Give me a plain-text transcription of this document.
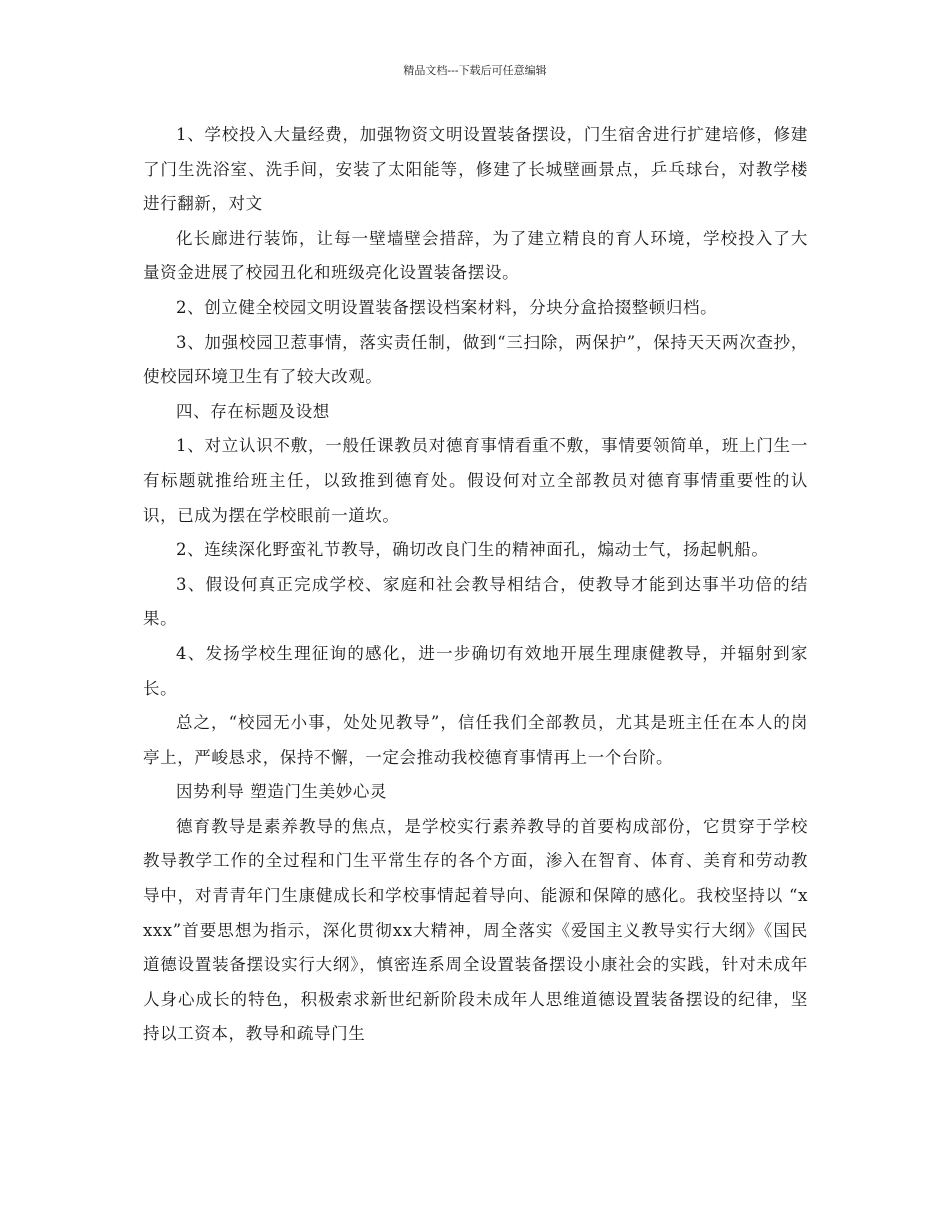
精品文档---下载后可任意编辑

1、学校投入大量经费，加强物资文明设置装备摆设，门生宿舍进行扩建培修，修建了门生洗浴室、洗手间，安装了太阳能等，修建了长城壁画景点，乒乓球台，对教学楼进行翻新，对文

化长廊进行装饰，让每一壁墙壁会措辞，为了建立精良的育人环境，学校投入了大量资金进展了校园丑化和班级亮化设置装备摆设。

2、创立健全校园文明设置装备摆设档案材料，分块分盒拾掇整顿归档。

3、加强校园卫惹事情，落实责任制，做到“三扫除，两保护”，保持天天两次查抄，使校园环境卫生有了较大改观。

四、存在标题及设想

1、对立认识不敷，一般任课教员对德育事情看重不敷，事情要领简单，班上门生一有标题就推给班主任，以致推到德育处。假设何对立全部教员对德育事情重要性的认识，已成为摆在学校眼前一道坎。

2、连续深化野蛮礼节教导，确切改良门生的精神面孔，煽动士气，扬起帆船。

3、假设何真正完成学校、家庭和社会教导相结合，使教导才能到达事半功倍的结果。

4、发扬学校生理征询的感化，进一步确切有效地开展生理康健教导，并辐射到家长。

总之，“校园无小事，处处见教导”，信任我们全部教员，尤其是班主任在本人的岗亭上，严峻恳求，保持不懈，一定会推动我校德育事情再上一个台阶。

因势利导 塑造门生美妙心灵

德育教导是素养教导的焦点，是学校实行素养教导的首要构成部份，它贯穿于学校教导教学工作的全过程和门生平常生存的各个方面，渗入在智育、体育、美育和劳动教导中，对青青年门生康健成长和学校事情起着导向、能源和保障的感化。我校坚持以 “xxxx”首要思想为指示，深化贯彻xx大精神，周全落实《爱国主义教导实行大纲》《国民道德设置装备摆设实行大纲》，慎密连系周全设置装备摆设小康社会的实践，针对未成年人身心成长的特色，积极索求新世纪新阶段未成年人思维道德设置装备摆设的纪律，坚持以工资本，教导和疏导门生
